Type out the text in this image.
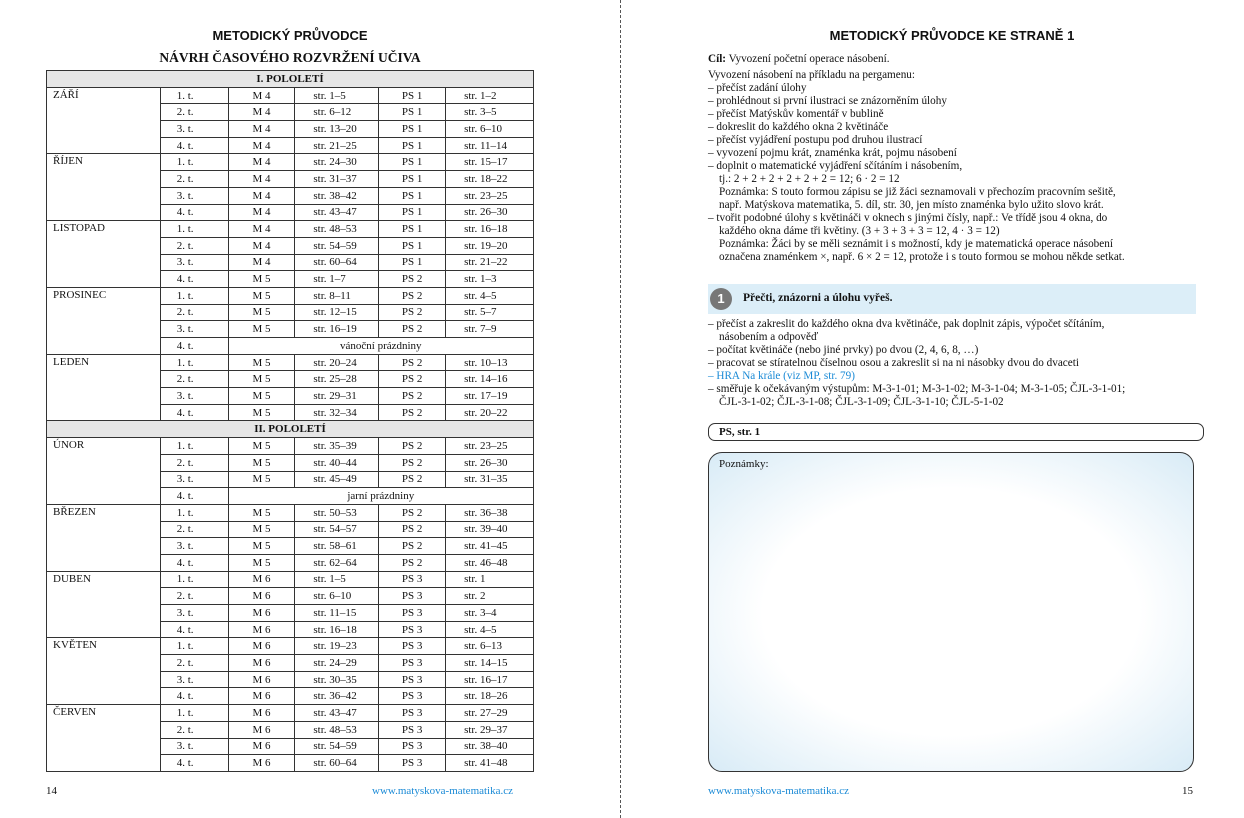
METODICKÝ PRŮVODCE
NÁVRH ČASOVÉHO ROZVRŽENÍ UČIVA
I. POLOLETÍ					
ZÁŘÍ	1. t.	M 4	str. 1–5	PS 1	str. 1–2
	2. t.	M 4	str. 6–12	PS 1	str. 3–5
	3. t.	M 4	str. 13–20	PS 1	str. 6–10
	4. t.	M 4	str. 21–25	PS 1	str. 11–14
ŘÍJEN	1. t.	M 4	str. 24–30	PS 1	str. 15–17
	2. t.	M 4	str. 31–37	PS 1	str. 18–22
	3. t.	M 4	str. 38–42	PS 1	str. 23–25
	4. t.	M 4	str. 43–47	PS 1	str. 26–30
LISTOPAD	1. t.	M 4	str. 48–53	PS 1	str. 16–18
	2. t.	M 4	str. 54–59	PS 1	str. 19–20
	3. t.	M 4	str. 60–64	PS 1	str. 21–22
	4. t.	M 5	str. 1–7	PS 2	str. 1–3
PROSINEC	1. t.	M 5	str. 8–11	PS 2	str. 4–5
	2. t.	M 5	str. 12–15	PS 2	str. 5–7
	3. t.	M 5	str. 16–19	PS 2	str. 7–9
	4. t.	vánoční prázdniny			
LEDEN	1. t.	M 5	str. 20–24	PS 2	str. 10–13
	2. t.	M 5	str. 25–28	PS 2	str. 14–16
	3. t.	M 5	str. 29–31	PS 2	str. 17–19
	4. t.	M 5	str. 32–34	PS 2	str. 20–22
II. POLOLETÍ					
ÚNOR	1. t.	M 5	str. 35–39	PS 2	str. 23–25
	2. t.	M 5	str. 40–44	PS 2	str. 26–30
	3. t.	M 5	str. 45–49	PS 2	str. 31–35
	4. t.	jarní prázdniny			
BŘEZEN	1. t.	M 5	str. 50–53	PS 2	str. 36–38
	2. t.	M 5	str. 54–57	PS 2	str. 39–40
	3. t.	M 5	str. 58–61	PS 2	str. 41–45
	4. t.	M 5	str. 62–64	PS 2	str. 46–48
DUBEN	1. t.	M 6	str. 1–5	PS 3	str. 1
	2. t.	M 6	str. 6–10	PS 3	str. 2
	3. t.	M 6	str. 11–15	PS 3	str. 3–4
	4. t.	M 6	str. 16–18	PS 3	str. 4–5
KVĚTEN	1. t.	M 6	str. 19–23	PS 3	str. 6–13
	2. t.	M 6	str. 24–29	PS 3	str. 14–15
	3. t.	M 6	str. 30–35	PS 3	str. 16–17
	4. t.	M 6	str. 36–42	PS 3	str. 18–26
ČERVEN	1. t.	M 6	str. 43–47	PS 3	str. 27–29
	2. t.	M 6	str. 48–53	PS 3	str. 29–37
	3. t.	M 6	str. 54–59	PS 3	str. 38–40
	4. t.	M 6	str. 60–64	PS 3	str. 41–48
14	www.matyskova-matematika.cz
METODICKÝ PRŮVODCE KE STRANĚ 1
Cíl: Vyvození početní operace násobení.
Vyvození násobení na příkladu na pergamenu:
– přečíst zadání úlohy
– prohlédnout si první ilustraci se znázorněním úlohy
– přečíst Matýskův komentář v bublině
– dokreslit do každého okna 2 květináče
– přečíst vyjádření postupu pod druhou ilustrací
– vyvození pojmu krát, znaménka krát, pojmu násobení
– doplnit o matematické vyjádření sčítáním i násobením,
tj.: 2 + 2 + 2 + 2 + 2 + 2 = 12; 6 · 2 = 12
Poznámka: S touto formou zápisu se již žáci seznamovali v přechozím pracovním sešitě,
např. Matýskova matematika, 5. díl, str. 30, jen místo znaménka bylo užito slovo krát.
– tvořit podobné úlohy s květináči v oknech s jinými čísly, např.: Ve třídě jsou 4 okna, do
každého okna dáme tři květiny. (3 + 3 + 3 + 3 = 12, 4 · 3 = 12)
Poznámka: Žáci by se měli seznámit i s možností, kdy je matematická operace násobení
označena znaménkem ×, např. 6 × 2 = 12, protože i s touto formou se mohou někde setkat.
1	Přečti, znázorni a úlohu vyřeš.
– přečíst a zakreslit do každého okna dva květináče, pak doplnit zápis, výpočet sčítáním,
násobením a odpověď
– počítat květináče (nebo jiné prvky) po dvou (2, 4, 6, 8, …)
– pracovat se stíratelnou číselnou osou a zakreslit si na ni násobky dvou do dvaceti
– HRA Na krále (viz MP, str. 79)
– směřuje k očekávaným výstupům: M-3-1-01; M-3-1-02; M-3-1-04; M-3-1-05; ČJL-3-1-01;
ČJL-3-1-02; ČJL-3-1-08; ČJL-3-1-09; ČJL-3-1-10; ČJL-5-1-02
PS, str. 1
Poznámky:
www.matyskova-matematika.cz	15
